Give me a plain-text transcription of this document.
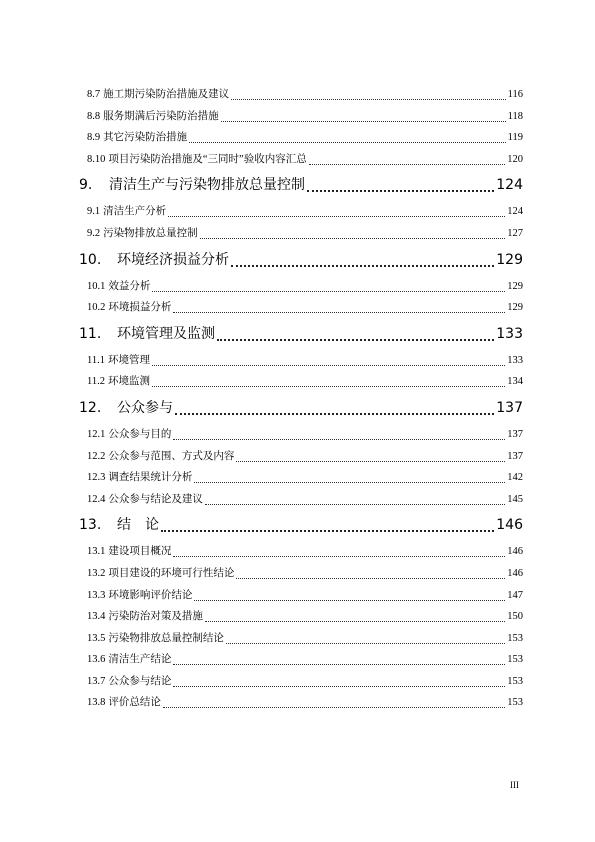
8.7 施工期污染防治措施及建议	116
8.8 服务期满后污染防治措施	118
8.9 其它污染防治措施	119
8.10 项目污染防治措施及“三同时”验收内容汇总	120
9.	清洁生产与污染物排放总量控制	124
9.1 清洁生产分析	124
9.2 污染物排放总量控制	127
10.	环境经济损益分析	129
10.1 效益分析	129
10.2 环境损益分析	129
11.	环境管理及监测	133
11.1 环境管理	133
11.2 环境监测	134
12.	公众参与	137
12.1 公众参与目的	137
12.2 公众参与范围、方式及内容	137
12.3 调查结果统计分析	142
12.4 公众参与结论及建议	145
13.	结　论	146
13.1 建设项目概况	146
13.2 项目建设的环境可行性结论	146
13.3 环境影响评价结论	147
13.4 污染防治对策及措施	150
13.5 污染物排放总量控制结论	153
13.6 清洁生产结论	153
13.7 公众参与结论	153
13.8 评价总结论	153
III
